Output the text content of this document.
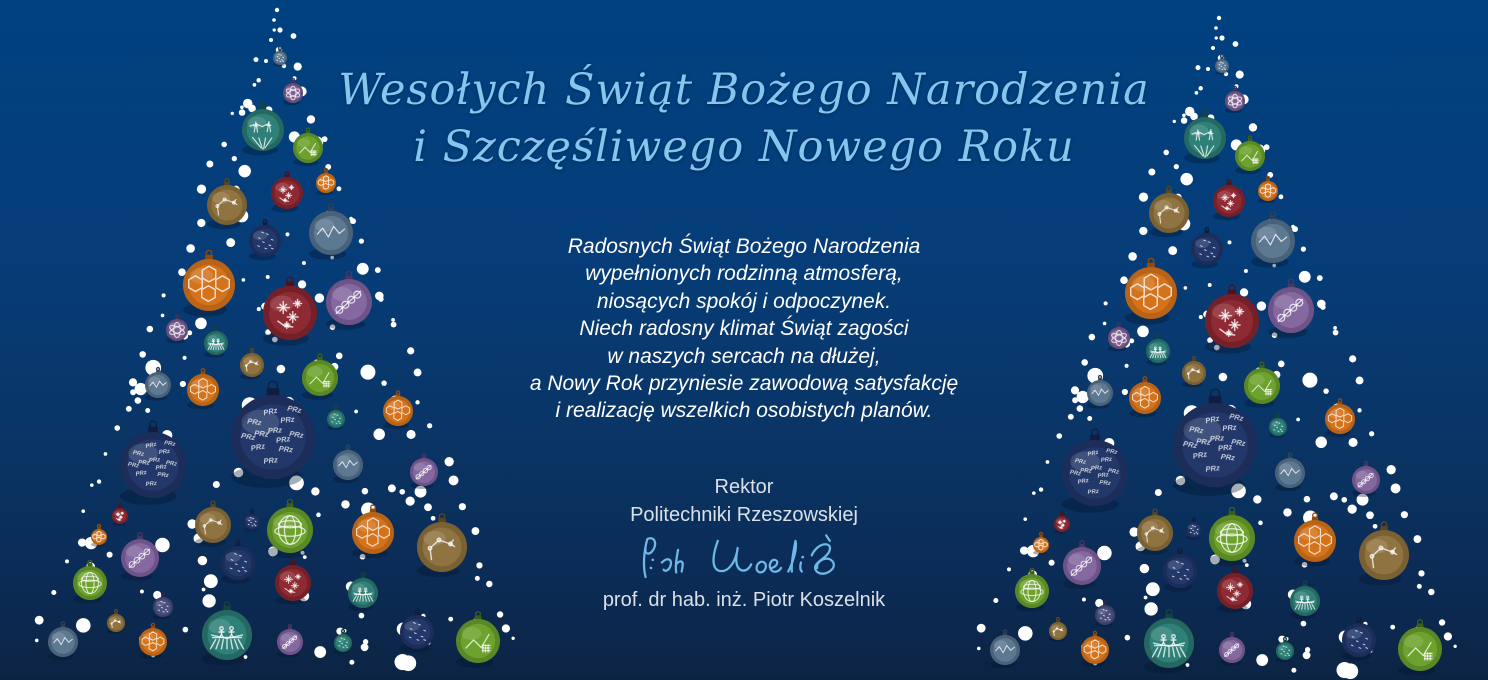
PRz
PRz PRz
PRz
PRz PRz
PRz PRz
PRz
PRz
PRz
PRz
PRz
PRz PRz
PRz
PRz PRz
PRz PRz
PRz
PRz
PRz
PRz
PRz
PRz PRz
PRz
PRz PRz
PRz PRz
PRz
PRz
PRz
PRz
PRz
PRz PRz
PRz
PRz PRz
PRz PRz
PRz
PRz
PRz
PRz
Wesołych Świąt Bożego Narodzenia
i Szczęśliwego Nowego Roku
Radosnych Świąt Bożego Narodzenia
wypełnionych rodzinną atmosferą,
niosących spokój i odpoczynek.
Niech radosny klimat Świąt zagości
w naszych sercach na dłużej,
a Nowy Rok przyniesie zawodową satysfakcję
i realizację wszelkich osobistych planów.
Rektor
Politechniki Rzeszowskiej
prof. dr hab. inż. Piotr Koszelnik
